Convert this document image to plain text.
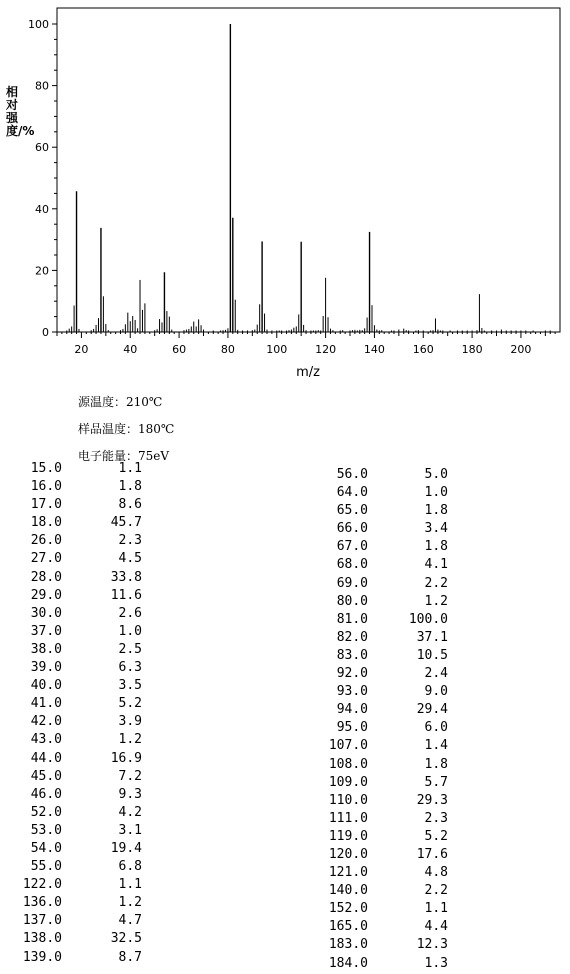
20	40	60	80	100	120	140	160	180	200
0
20
40
60
80
100
m/z
相对强度/%
源温度：210℃
样品温度：180℃
电子能量：75eV
15.0	1.1
16.0	1.8
17.0	8.6
18.0	45.7
26.0	2.3
27.0	4.5
28.0	33.8
29.0	11.6
30.0	2.6
37.0	1.0
38.0	2.5
39.0	6.3
40.0	3.5
41.0	5.2
42.0	3.9
43.0	1.2
44.0	16.9
45.0	7.2
46.0	9.3
52.0	4.2
53.0	3.1
54.0	19.4
55.0	6.8
122.0	1.1
136.0	1.2
137.0	4.7
138.0	32.5
139.0	8.7
56.0	5.0
64.0	1.0
65.0	1.8
66.0	3.4
67.0	1.8
68.0	4.1
69.0	2.2
80.0	1.2
81.0	100.0
82.0	37.1
83.0	10.5
92.0	2.4
93.0	9.0
94.0	29.4
95.0	6.0
107.0	1.4
108.0	1.8
109.0	5.7
110.0	29.3
111.0	2.3
119.0	5.2
120.0	17.6
121.0	4.8
140.0	2.2
152.0	1.1
165.0	4.4
183.0	12.3
184.0	1.3
